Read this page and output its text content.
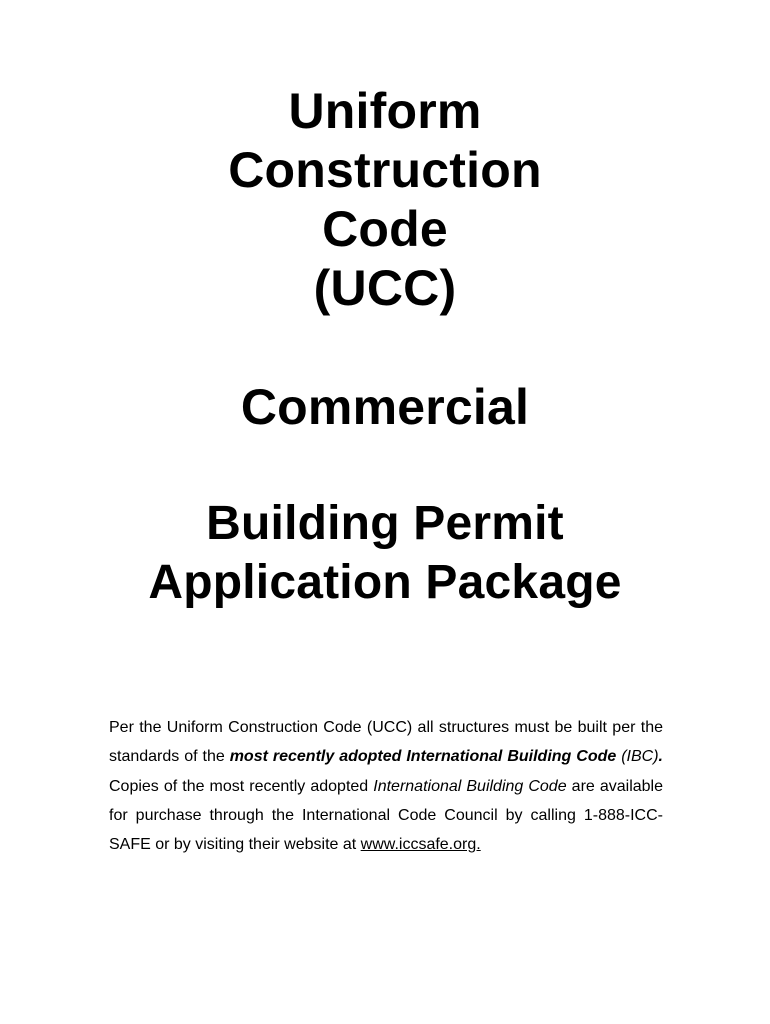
Uniform
Construction
Code
(UCC)
Commercial
Building Permit
Application Package

Per the Uniform Construction Code (UCC) all structures must be built per the standards of the most recently adopted International Building Code (IBC). Copies of the most recently adopted International Building Code are available for purchase through the International Code Council by calling 1-888-ICC-SAFE or by visiting their website at www.iccsafe.org.
